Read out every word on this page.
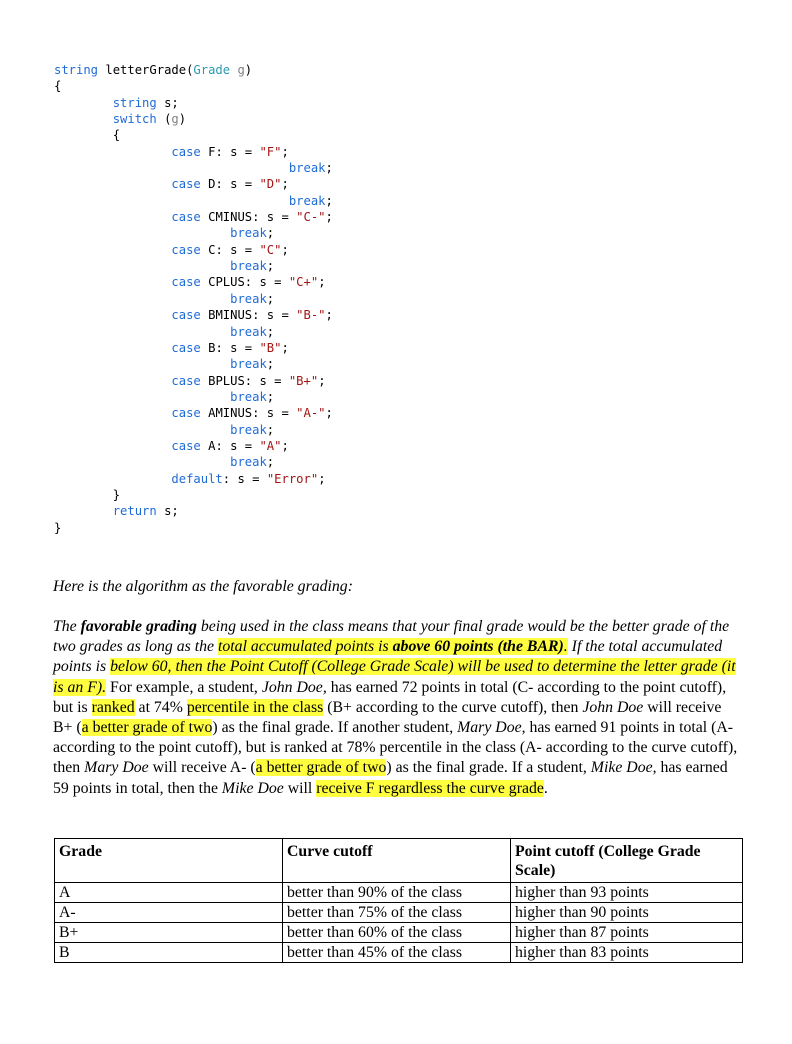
string letterGrade(Grade g)
{
string s;
switch (g)
{
case F: s = "F";
break;
case D: s = "D";
break;
case CMINUS: s = "C-";
break;
case C: s = "C";
break;
case CPLUS: s = "C+";
break;
case BMINUS: s = "B-";
break;
case B: s = "B";
break;
case BPLUS: s = "B+";
break;
case AMINUS: s = "A-";
break;
case A: s = "A";
break;
default: s = "Error";
}
return s;
}
Here is the algorithm as the favorable grading:
The favorable grading being used in the class means that your final grade would be the better grade of the two grades as long as the total accumulated points is above 60 points (the BAR). If the total accumulated points is below 60, then the Point Cutoff (College Grade Scale) will be used to determine the letter grade (it is an F). For example, a student, John Doe, has earned 72 points in total (C- according to the point cutoff), but is ranked at 74% percentile in the class (B+ according to the curve cutoff), then John Doe will receive B+ (a better grade of two) as the final grade. If another student, Mary Doe, has earned 91 points in total (A- according to the point cutoff), but is ranked at 78% percentile in the class (A- according to the curve cutoff), then Mary Doe will receive A- (a better grade of two) as the final grade. If a student, Mike Doe, has earned 59 points in total, then the Mike Doe will receive F regardless the curve grade.
Grade	Curve cutoff	Point cutoff (College Grade Scale)
A	better than 90% of the class	higher than 93 points
A-	better than 75% of the class	higher than 90 points
B+	better than 60% of the class	higher than 87 points
B	better than 45% of the class	higher than 83 points
